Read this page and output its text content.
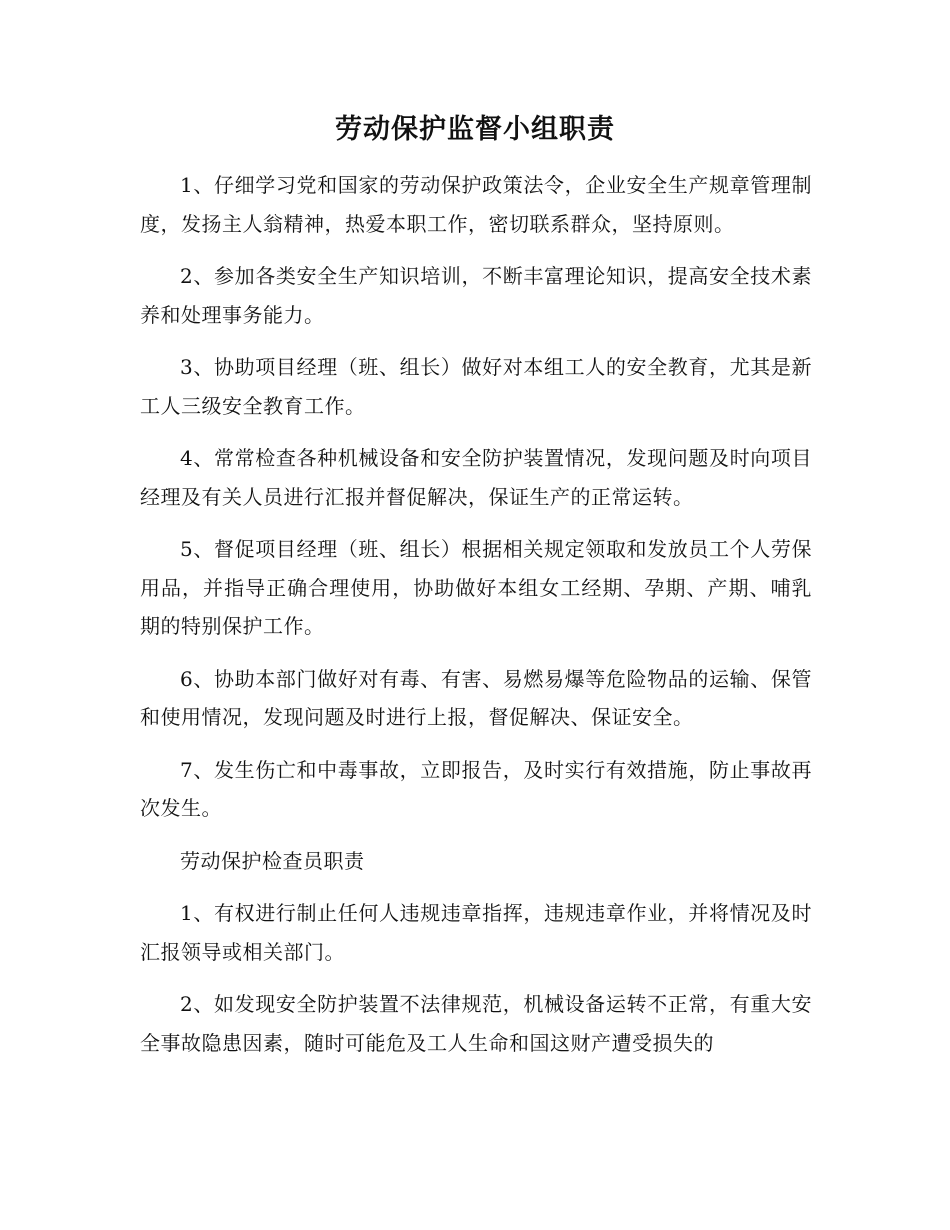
劳动保护监督小组职责

1、仔细学习党和国家的劳动保护政策法令，企业安全生产规章管理制度，发扬主人翁精神，热爱本职工作，密切联系群众，坚持原则。

2、参加各类安全生产知识培训，不断丰富理论知识，提高安全技术素养和处理事务能力。

3、协助项目经理（班、组长）做好对本组工人的安全教育，尤其是新工人三级安全教育工作。

4、常常检查各种机械设备和安全防护装置情况，发现问题及时向项目经理及有关人员进行汇报并督促解决，保证生产的正常运转。

5、督促项目经理（班、组长）根据相关规定领取和发放员工个人劳保用品，并指导正确合理使用，协助做好本组女工经期、孕期、产期、哺乳期的特别保护工作。

6、协助本部门做好对有毒、有害、易燃易爆等危险物品的运输、保管和使用情况，发现问题及时进行上报，督促解决、保证安全。

7、发生伤亡和中毒事故，立即报告，及时实行有效措施，防止事故再次发生。

劳动保护检查员职责

1、有权进行制止任何人违规违章指挥，违规违章作业，并将情况及时汇报领导或相关部门。

2、如发现安全防护装置不法律规范，机械设备运转不正常，有重大安全事故隐患因素，随时可能危及工人生命和国这财产遭受损失的
